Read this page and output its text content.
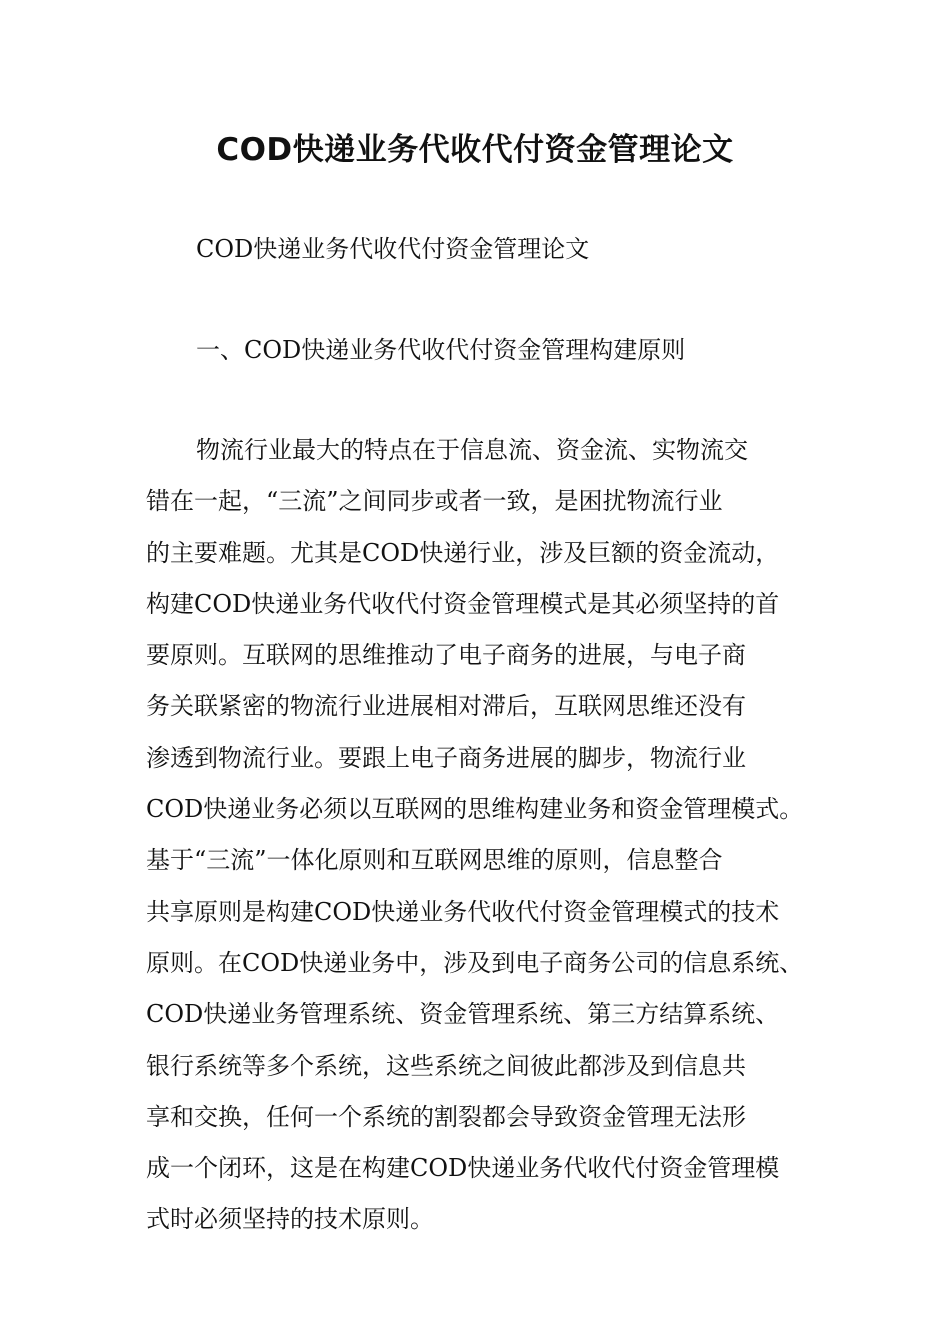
COD快递业务代收代付资金管理论文
COD快递业务代收代付资金管理论文
一、COD快递业务代收代付资金管理构建原则
物流行业最大的特点在于信息流、资金流、实物流交
错在一起，“三流”之间同步或者一致，是困扰物流行业
的主要难题。尤其是COD快递行业，涉及巨额的资金流动，
构建COD快递业务代收代付资金管理模式是其必须坚持的首
要原则。互联网的思维推动了电子商务的进展，与电子商
务关联紧密的物流行业进展相对滞后，互联网思维还没有
渗透到物流行业。要跟上电子商务进展的脚步，物流行业
COD快递业务必须以互联网的思维构建业务和资金管理模式。
基于“三流”一体化原则和互联网思维的原则，信息整合
共享原则是构建COD快递业务代收代付资金管理模式的技术
原则。在COD快递业务中，涉及到电子商务公司的信息系统、
COD快递业务管理系统、资金管理系统、第三方结算系统、
银行系统等多个系统，这些系统之间彼此都涉及到信息共
享和交换，任何一个系统的割裂都会导致资金管理无法形
成一个闭环，这是在构建COD快递业务代收代付资金管理模
式时必须坚持的技术原则。
